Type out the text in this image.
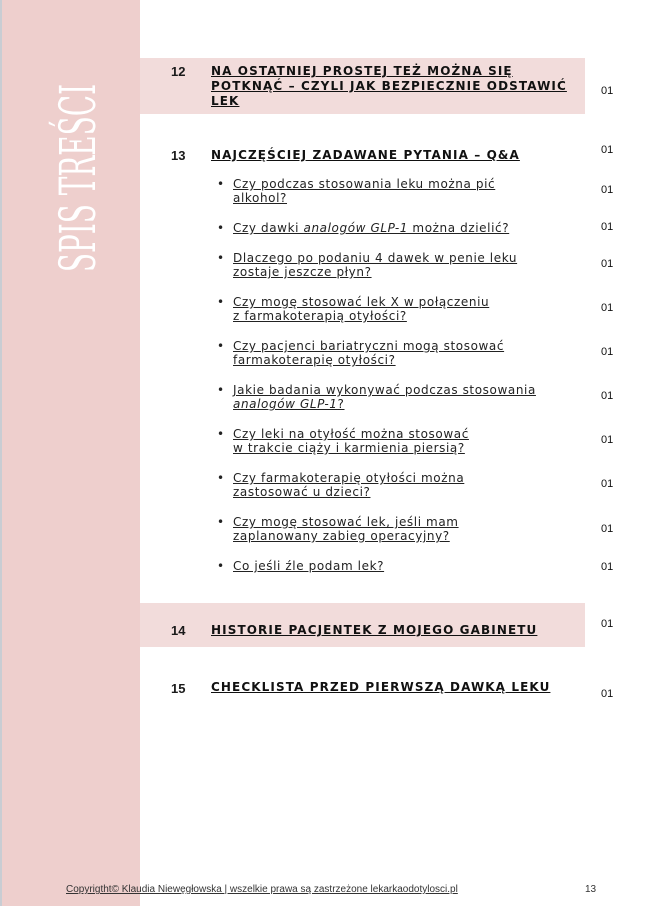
SPIS TREŚCI
12 NA OSTATNIEJ PROSTEJ TEŻ MOŻNA SIĘ
POTKNĄĆ – CZYLI JAK BEZPIECZNIE ODSTAWIĆ
LEK
01
13 NAJCZĘŚCIEJ ZADAWANE PYTANIA – Q&A	01
• Czy podczas stosowania leku można pić
alkohol?
01
• Czy dawki analogów GLP-1 można dzielić?	01
• Dlaczego po podaniu 4 dawek w penie leku
zostaje jeszcze płyn?
01
• Czy mogę stosować lek X w połączeniu
z farmakoterapią otyłości?
01
• Czy pacjenci bariatryczni mogą stosować
farmakoterapię otyłości?
01
• Jakie badania wykonywać podczas stosowania
analogów GLP-1?
01
• Czy leki na otyłość można stosować
w trakcie ciąży i karmienia piersią?
01
• Czy farmakoterapię otyłości można
zastosować u dzieci?
01
• Czy mogę stosować lek, jeśli mam
zaplanowany zabieg operacyjny?	01
• Co jeśli źle podam lek?	01
14 HISTORIE PACJENTEK Z MOJEGO GABINETU	01
15 CHECKLISTA PRZED PIERWSZĄ DAWKĄ LEKU	01
Copyrigtht© Klaudia Niewęgłowska | wszelkie prawa są zastrzeżone lekarkaodotylosci.pl	13
